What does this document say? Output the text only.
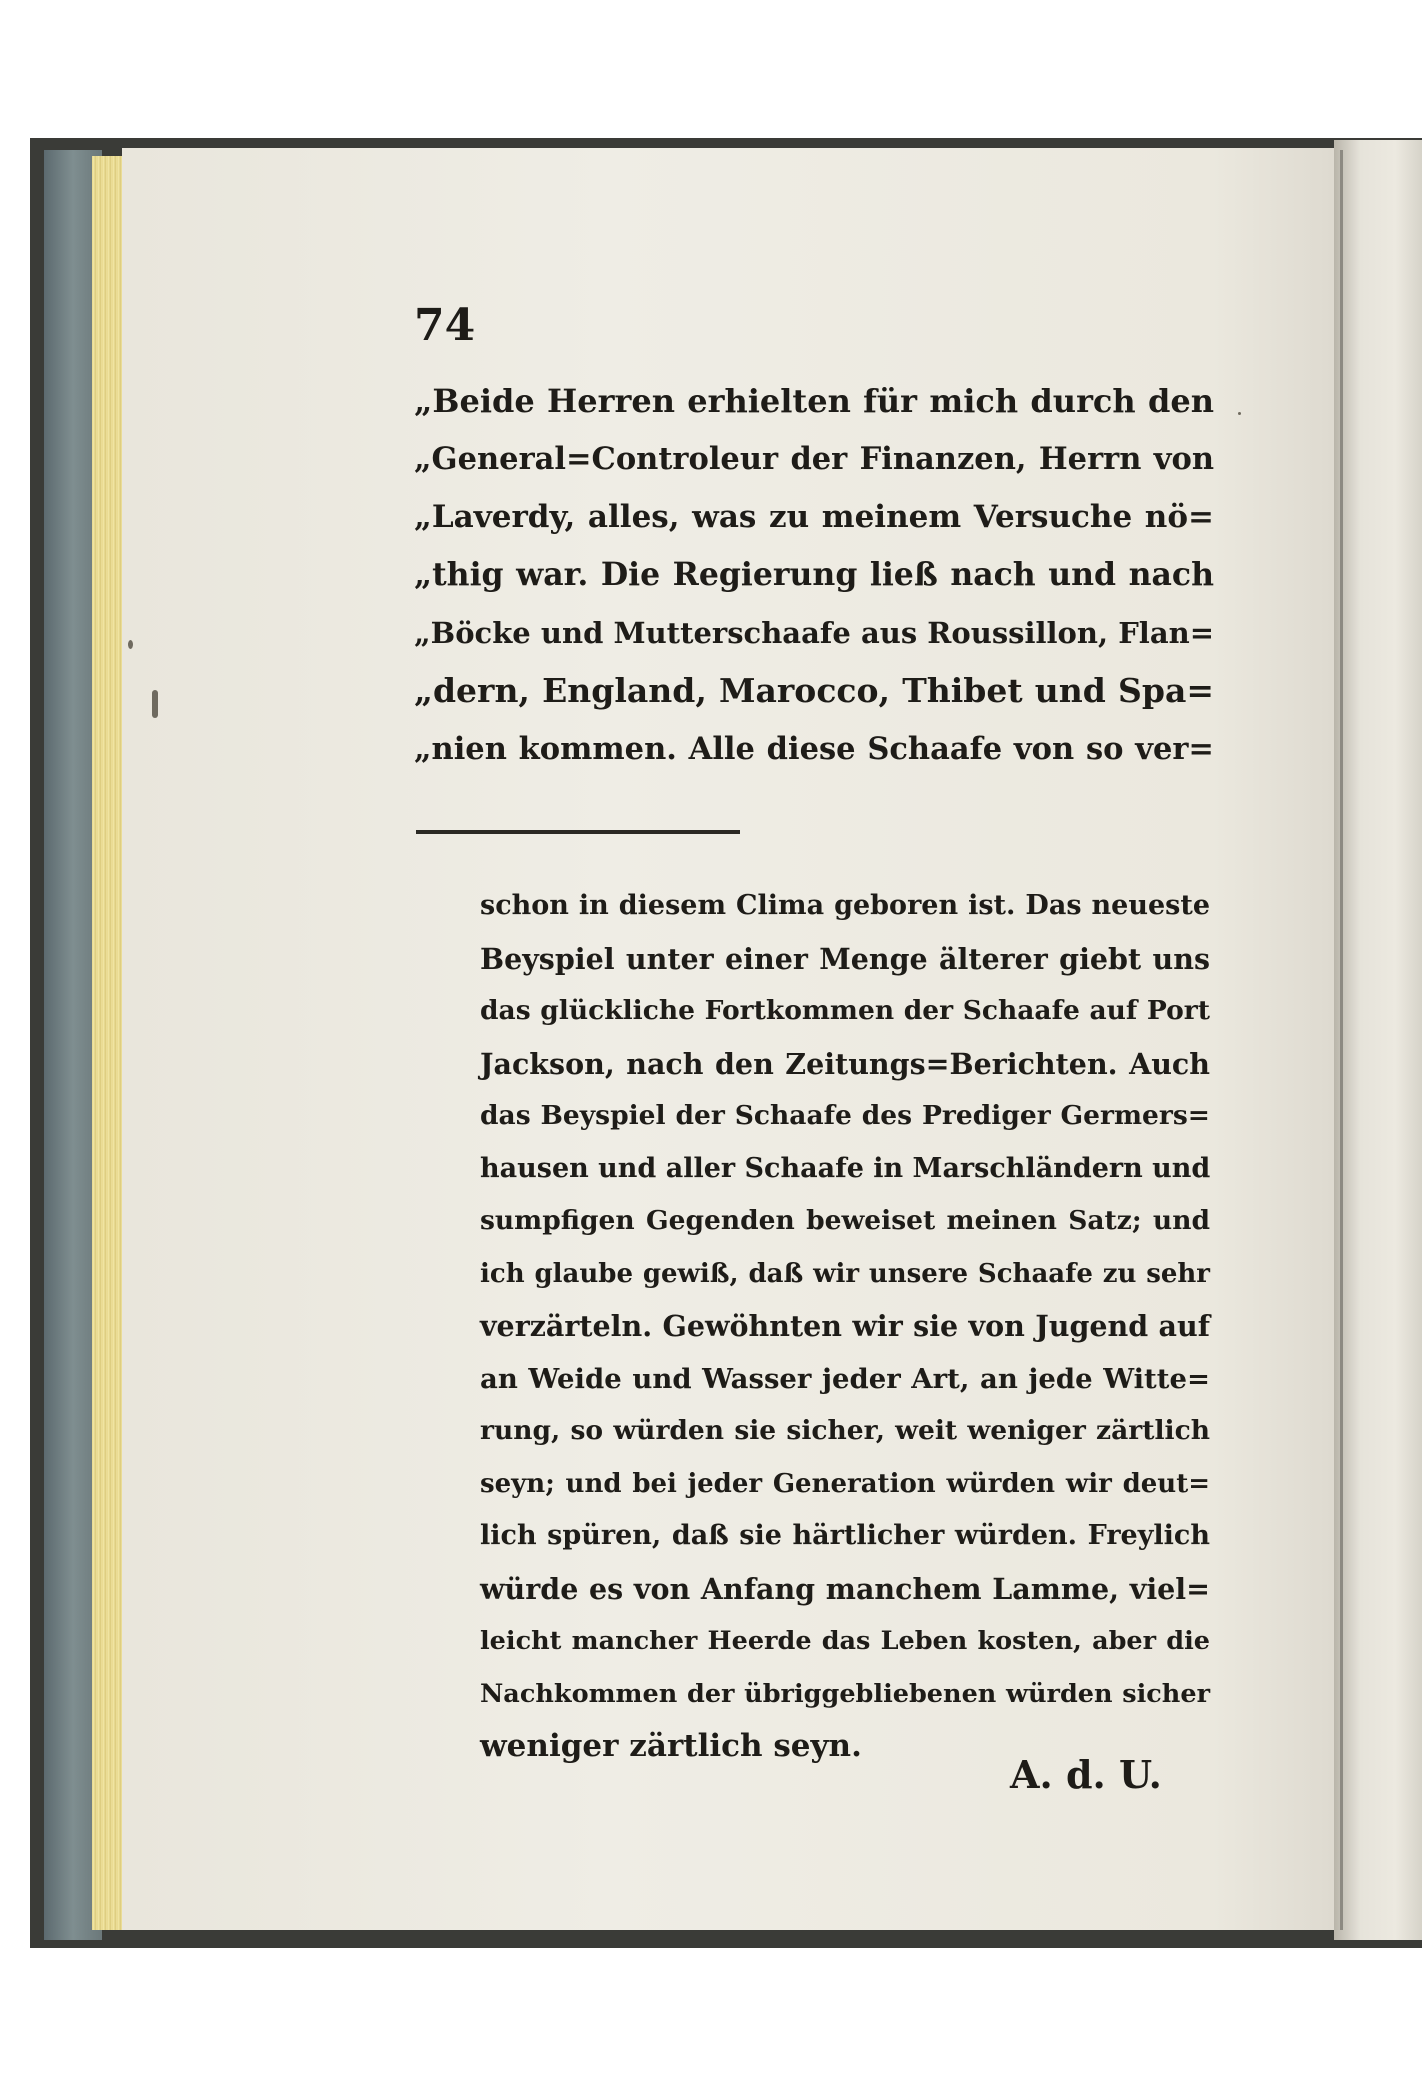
74
„Beide Herren erhielten für mich durch den
„General=Controleur der Finanzen, Herrn von
„Laverdy, alles, was zu meinem Versuche nö=
„thig war. Die Regierung ließ nach und nach
„Böcke und Mutterschaafe aus Roussillon, Flan=
„dern, England, Marocco, Thibet und Spa=
„nien kommen. Alle diese Schaafe von so ver=
schon in diesem Clima geboren ist. Das neueste
Beyspiel unter einer Menge älterer giebt uns
das glückliche Fortkommen der Schaafe auf Port
Jackson, nach den Zeitungs=Berichten. Auch
das Beyspiel der Schaafe des Prediger Germers=
hausen und aller Schaafe in Marschländern und
sumpfigen Gegenden beweiset meinen Satz; und
ich glaube gewiß, daß wir unsere Schaafe zu sehr
verzärteln. Gewöhnten wir sie von Jugend auf
an Weide und Wasser jeder Art, an jede Witte=
rung, so würden sie sicher, weit weniger zärtlich
seyn; und bei jeder Generation würden wir deut=
lich spüren, daß sie härtlicher würden. Freylich
würde es von Anfang manchem Lamme, viel=
leicht mancher Heerde das Leben kosten, aber die
Nachkommen der übriggebliebenen würden sicher
weniger zärtlich seyn.
A. d. U.
